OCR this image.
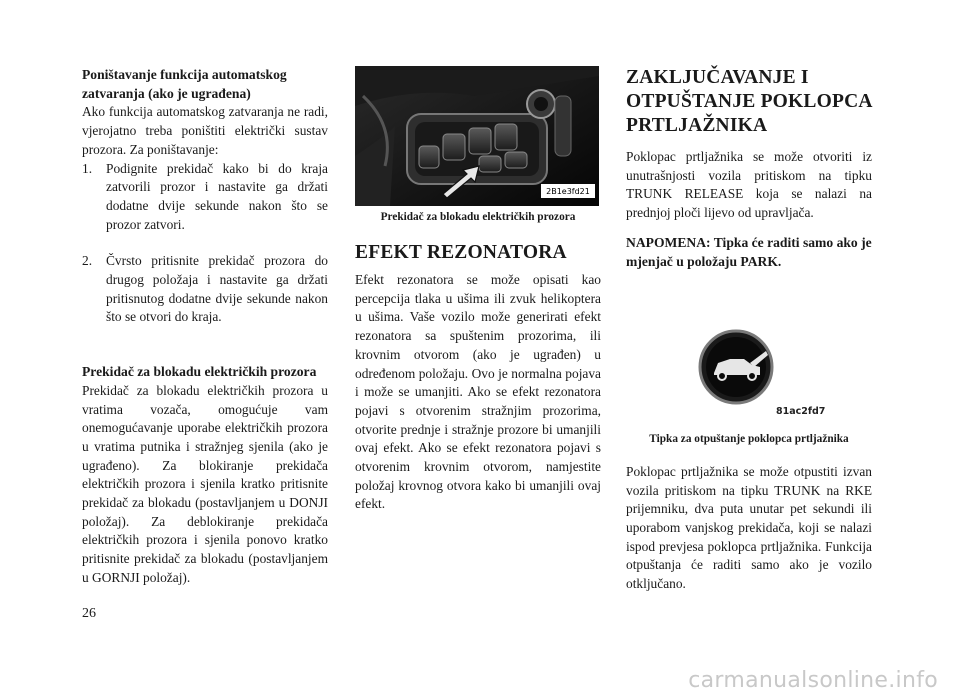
Poništavanje funkcija automatskog zatvaranja (ako je ugrađena)

Ako funkcija automatskog zatvaranja ne radi, vjerojatno treba poništiti električki sustav prozora. Za poništavanje:

1. Podignite prekidač kako bi do kraja zatvorili prozor i nastavite ga držati dodatne dvije sekunde nakon što se prozor zatvori.

2. Čvrsto pritisnite prekidač prozora do drugog položaja i nastavite ga držati pritisnutog dodatne dvije sekunde nakon što se otvori do kraja.

Prekidač za blokadu električkih prozora

Prekidač za blokadu električkih prozora u vratima vozača, omogućuje vam onemogućavanje uporabe električkih prozora u vratima putnika i stražnjeg sjenila (ako je ugrađeno). Za blokiranje prekidača električkih prozora i sjenila kratko pritisnite prekidač za blokadu (postavljanjem u DONJI položaj). Za deblokiranje prekidača električkih prozora i sjenila ponovo kratko pritisnite prekidač za blokadu (postavljanjem u GORNJI položaj).

2B1e3fd21

Prekidač za blokadu električkih prozora

EFEKT REZONATORA

Efekt rezonatora se može opisati kao percepcija tlaka u ušima ili zvuk helikoptera u ušima. Vaše vozilo može generirati efekt rezonatora sa spuštenim prozorima, ili krovnim otvorom (ako je ugrađen) u određenom položaju. Ovo je normalna pojava i može se umanjiti. Ako se efekt rezonatora pojavi s otvorenim stražnjim prozorima, otvorite prednje i stražnje prozore bi umanjili ovaj efekt. Ako se efekt rezonatora pojavi s otvorenim krovnim otvorom, namjestite položaj krovnog otvora kako bi umanjili ovaj efekt.

ZAKLJUČAVANJE I OTPUŠTANJE POKLOPCA PRTLJAŽNIKA

Poklopac prtljažnika se može otvoriti iz unutrašnjosti vozila pritiskom na tipku TRUNK RELEASE koja se nalazi na prednjoj ploči lijevo od upravljača.

NAPOMENA: Tipka će raditi samo ako je mjenjač u položaju PARK.

81ac2fd7

Tipka za otpuštanje poklopca prtljažnika

Poklopac prtljažnika se može otpustiti izvan vozila pritiskom na tipku TRUNK na RKE prijemniku, dva puta unutar pet sekundi ili uporabom vanjskog prekidača, koji se nalazi ispod prevjesa poklopca prtljažnika. Funkcija otpuštanja će raditi samo ako je vozilo otključano.

26
carmanualsonline.info
